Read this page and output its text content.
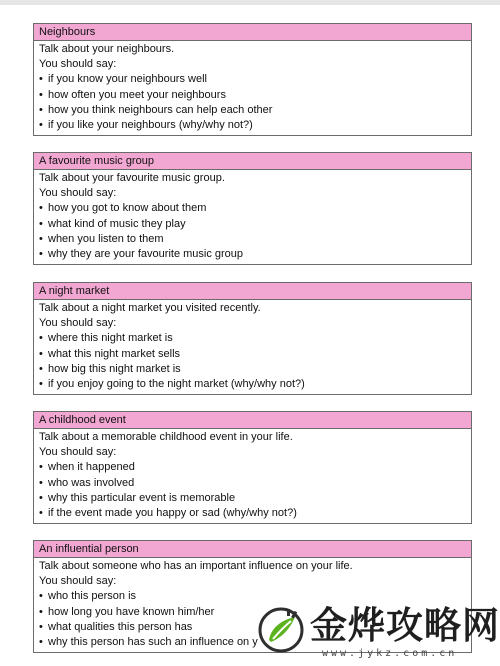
Neighbours
Talk about your neighbours.
You should say:
• if you know your neighbours well
• how often you meet your neighbours
• how you think neighbours can help each other
• if you like your neighbours (why/why not?)
A favourite music group
Talk about your favourite music group.
You should say:
• how you got to know about them
• what kind of music they play
• when you listen to them
• why they are your favourite music group
A night market
Talk about a night market you visited recently.
You should say:
• where this night market is
• what this night market sells
• how big this night market is
• if you enjoy going to the night market (why/why not?)
A childhood event
Talk about a memorable childhood event in your life.
You should say:
• when it happened
• who was involved
• why this particular event is memorable
• if the event made you happy or sad (why/why not?)
An influential person
Talk about someone who has an important influence on your life.
You should say:
• who this person is
• how long you have known him/her
• what qualities this person has
• why this person has such an influence on y	金烨攻略网
www.jykz.com.cn
